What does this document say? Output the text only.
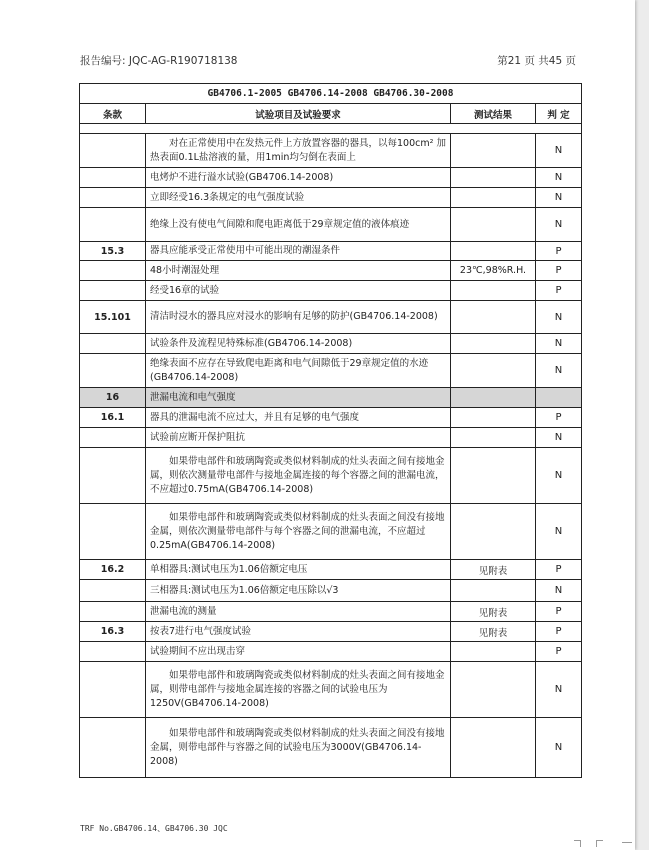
报告编号: JQC-AG-R190718138	第21 页 共45 页
GB4706.1-2005 GB4706.14-2008 GB4706.30-2008			
条款	试验项目及试验要求	测试结果	判 定

	对在正常使用中在发热元件上方放置容器的器具，以每100cm² 加热表面0.1L盐溶液的量，用1min均匀倒在表面上		N
	电烤炉不进行溢水试验(GB4706.14-2008)		N
	立即经受16.3条规定的电气强度试验		N
	绝缘上没有使电气间隙和爬电距离低于29章规定值的液体痕迹		N
15.3	器具应能承受正常使用中可能出现的潮湿条件		P
	48小时潮湿处理	23℃,98%R.H.	P
	经受16章的试验		P
15.101	清洁时浸水的器具应对浸水的影响有足够的防护(GB4706.14-2008)		N
	试验条件及流程见特殊标准(GB4706.14-2008)		N
	绝缘表面不应存在导致爬电距离和电气间隙低于29章规定值的水迹(GB4706.14-2008)		N
16	泄漏电流和电气强度		
16.1	器具的泄漏电流不应过大，并且有足够的电气强度		P
	试验前应断开保护阻抗		N
	如果带电部件和玻璃陶瓷或类似材料制成的灶头表面之间有接地金属，则依次测量带电部件与接地金属连接的每个容器之间的泄漏电流，不应超过0.75mA(GB4706.14-2008)		N
	如果带电部件和玻璃陶瓷或类似材料制成的灶头表面之间没有接地金属，则依次测量带电部件与每个容器之间的泄漏电流，不应超过0.25mA(GB4706.14-2008)		N
16.2	单相器具:测试电压为1.06倍额定电压	见附表	P
	三相器具:测试电压为1.06倍额定电压除以√3		N
	泄漏电流的测量	见附表	P
16.3	按表7进行电气强度试验	见附表	P
	试验期间不应出现击穿		P
	如果带电部件和玻璃陶瓷或类似材料制成的灶头表面之间有接地金属，则带电部件与接地金属连接的容器之间的试验电压为1250V(GB4706.14-2008)		N
	如果带电部件和玻璃陶瓷或类似材料制成的灶头表面之间没有接地金属，则带电部件与容器之间的试验电压为3000V(GB4706.14-2008)		N
TRF No.GB4706.14、GB4706.30 JQC
